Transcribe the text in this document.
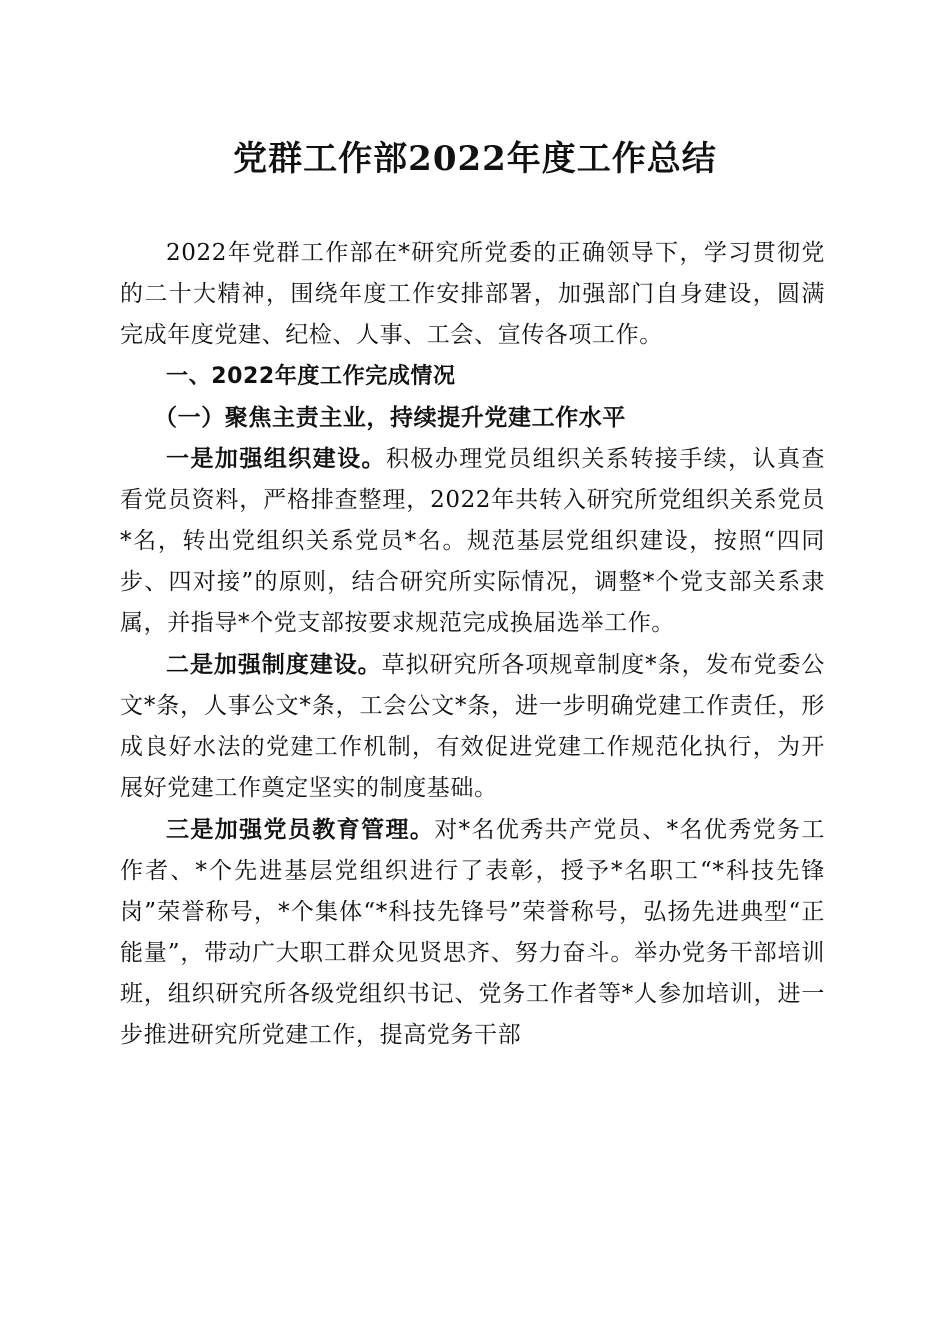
党群工作部2022年度工作总结

2022年党群工作部在*研究所党委的正确领导下，学习贯彻党的二十大精神，围绕年度工作安排部署，加强部门自身建设，圆满完成年度党建、纪检、人事、工会、宣传各项工作。

一、2022年度工作完成情况

（一）聚焦主责主业，持续提升党建工作水平

一是加强组织建设。积极办理党员组织关系转接手续，认真查看党员资料，严格排查整理，2022年共转入研究所党组织关系党员*名，转出党组织关系党员*名。规范基层党组织建设，按照“四同步、四对接”的原则，结合研究所实际情况，调整*个党支部关系隶属，并指导*个党支部按要求规范完成换届选举工作。

二是加强制度建设。草拟研究所各项规章制度*条，发布党委公文*条，人事公文*条，工会公文*条，进一步明确党建工作责任，形成良好水法的党建工作机制，有效促进党建工作规范化执行，为开展好党建工作奠定坚实的制度基础。

三是加强党员教育管理。对*名优秀共产党员、*名优秀党务工作者、*个先进基层党组织进行了表彰，授予*名职工“*科技先锋岗”荣誉称号，*个集体“*科技先锋号”荣誉称号，弘扬先进典型“正能量”，带动广大职工群众见贤思齐、努力奋斗。举办党务干部培训班，组织研究所各级党组织书记、党务工作者等*人参加培训，进一步推进研究所党建工作，提高党务干部
